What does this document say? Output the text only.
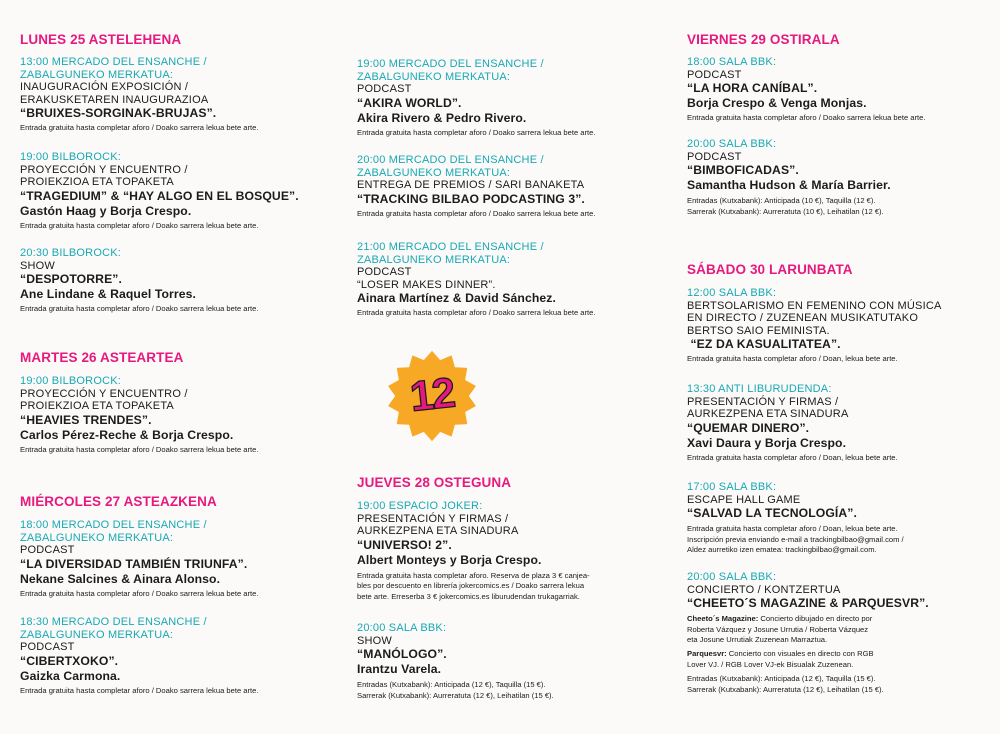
LUNES 25 ASTELEHENA
13:00 MERCADO DEL ENSANCHE /
ZABALGUNEKO MERKATUA:
INAUGURACIÓN EXPOSICIÓN /
ERAKUSKETAREN INAUGURAZIOA
“BRUIXES-SORGINAK-BRUJAS”.
Entrada gratuita hasta completar aforo / Doako sarrera lekua bete arte.
19:00 BILBOROCK:
PROYECCIÓN Y ENCUENTRO /
PROIEKZIOA ETA TOPAKETA
“TRAGEDIUM” & “HAY ALGO EN EL BOSQUE”.
Gastón Haag y Borja Crespo.
Entrada gratuita hasta completar aforo / Doako sarrera lekua bete arte.
20:30 BILBOROCK:
SHOW
“DESPOTORRE”.
Ane Lindane & Raquel Torres.
Entrada gratuita hasta completar aforo / Doako sarrera lekua bete arte.
MARTES 26 ASTEARTEA
19:00 BILBOROCK:
PROYECCIÓN Y ENCUENTRO /
PROIEKZIOA ETA TOPAKETA
“HEAVIES TRENDES”.
Carlos Pérez-Reche & Borja Crespo.
Entrada gratuita hasta completar aforo / Doako sarrera lekua bete arte.
MIÉRCOLES 27 ASTEAZKENA
18:00 MERCADO DEL ENSANCHE /
ZABALGUNEKO MERKATUA:
PODCAST
“LA DIVERSIDAD TAMBIÉN TRIUNFA”.
Nekane Salcines & Ainara Alonso.
Entrada gratuita hasta completar aforo / Doako sarrera lekua bete arte.
18:30 MERCADO DEL ENSANCHE /
ZABALGUNEKO MERKATUA:
PODCAST
“CIBERTXOKO”.
Gaizka Carmona.
Entrada gratuita hasta completar aforo / Doako sarrera lekua bete arte.
19:00 MERCADO DEL ENSANCHE /
ZABALGUNEKO MERKATUA:
PODCAST
“AKIRA WORLD”.
Akira Rivero & Pedro Rivero.
Entrada gratuita hasta completar aforo / Doako sarrera lekua bete arte.
20:00 MERCADO DEL ENSANCHE /
ZABALGUNEKO MERKATUA:
ENTREGA DE PREMIOS / SARI BANAKETA
“TRACKING BILBAO PODCASTING 3”.
Entrada gratuita hasta completar aforo / Doako sarrera lekua bete arte.
21:00 MERCADO DEL ENSANCHE /
ZABALGUNEKO MERKATUA:
PODCAST
“LOSER MAKES DINNER”.
Ainara Martínez & David Sánchez.
Entrada gratuita hasta completar aforo / Doako sarrera lekua bete arte.
12
JUEVES 28 OSTEGUNA
19:00 ESPACIO JOKER:
PRESENTACIÓN Y FIRMAS /
AURKEZPENA ETA SINADURA
“UNIVERSO! 2”.
Albert Monteys y Borja Crespo.
Entrada gratuita hasta completar aforo. Reserva de plaza 3 € canjea-
bles por descuento en librería jokercomics.es / Doako sarrera lekua
bete arte. Erreserba 3 € jokercomics.es liburudendan trukagarriak.
20:00 SALA BBK:
SHOW
“MANÓLOGO”.
Irantzu Varela.
Entradas (Kutxabank): Anticipada (12 €), Taquilla (15 €).
Sarrerak (Kutxabank): Aurreratuta (12 €), Leihatilan (15 €).
VIERNES 29 OSTIRALA
18:00 SALA BBK:
PODCAST
“LA HORA CANÍBAL”.
Borja Crespo & Venga Monjas.
Entrada gratuita hasta completar aforo / Doako sarrera lekua bete arte.
20:00 SALA BBK:
PODCAST
“BIMBOFICADAS”.
Samantha Hudson & María Barrier.
Entradas (Kutxabank): Anticipada (10 €), Taquilla (12 €).
Sarrerak (Kutxabank): Aurreratuta (10 €), Leihatilan (12 €).
SÁBADO 30 LARUNBATA
12:00 SALA BBK:
BERTSOLARISMO EN FEMENINO CON MÚSICA
EN DIRECTO / ZUZENEAN MUSIKATUTAKO
BERTSO SAIO FEMINISTA.
“EZ DA KASUALITATEA”.
Entrada gratuita hasta completar aforo / Doan, lekua bete arte.
13:30 ANTI LIBURUDENDA:
PRESENTACIÓN Y FIRMAS /
AURKEZPENA ETA SINADURA
“QUEMAR DINERO”.
Xavi Daura y Borja Crespo.
Entrada gratuita hasta completar aforo / Doan, lekua bete arte.
17:00 SALA BBK:
ESCAPE HALL GAME
“SALVAD LA TECNOLOGÍA”.
Entrada gratuita hasta completar aforo / Doan, lekua bete arte.
Inscripción previa enviando e-mail a trackingbilbao@gmail.com /
Aldez aurretiko izen ematea: trackingbilbao@gmail.com.
20:00 SALA BBK:
CONCIERTO / KONTZERTUA
“CHEETO´S MAGAZINE & PARQUESVR”.
Cheeto´s Magazine: Concierto dibujado en directo por
Roberta Vázquez y Josune Urrutia / Roberta Vázquez
eta Josune Urrutiak Zuzenean Marraztua.
Parquesvr: Concierto con visuales en directo con RGB
Lover VJ. / RGB Lover VJ-ek Bisualak Zuzenean.
Entradas (Kutxabank): Anticipada (12 €), Taquilla (15 €).
Sarrerak (Kutxabank): Aurreratuta (12 €), Leihatilan (15 €).
